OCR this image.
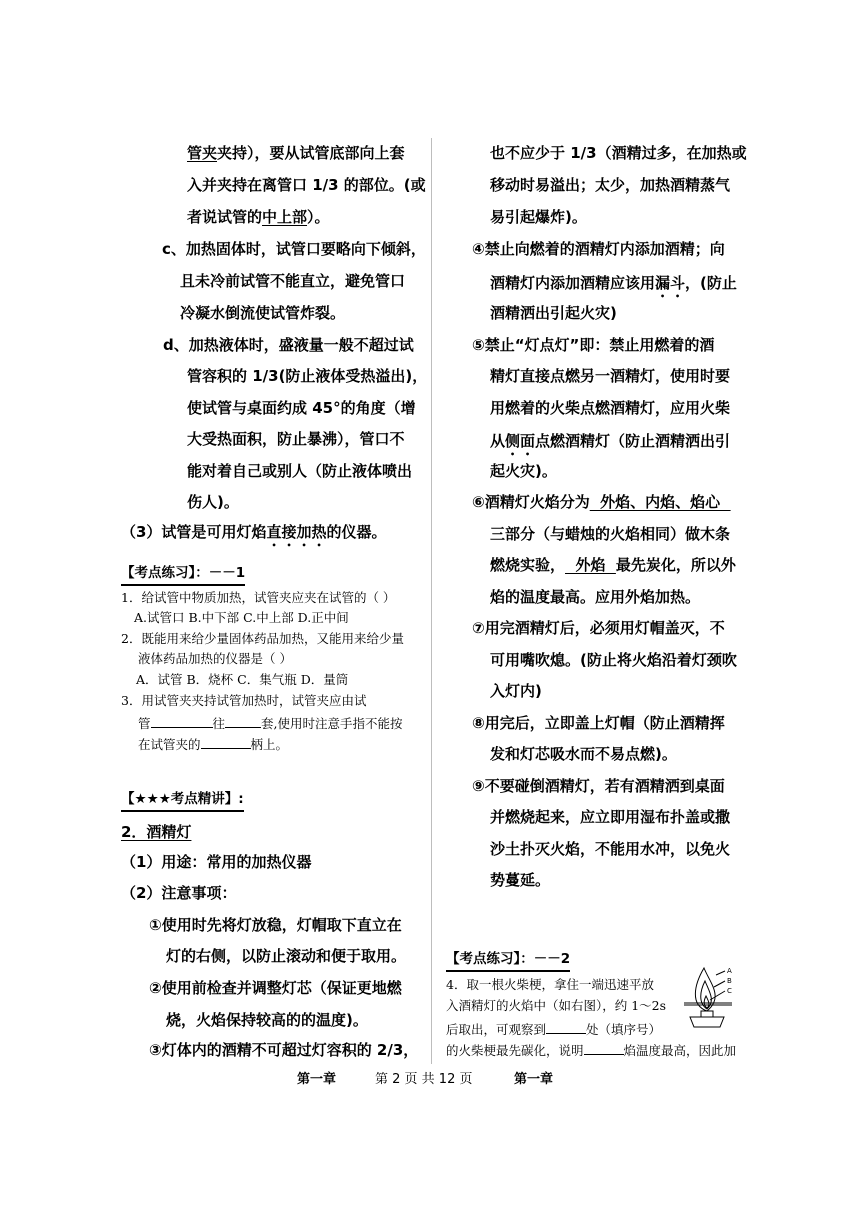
管夹夹持），要从试管底部向上套
入并夹持在离管口 1/3 的部位。(或
者说试管的中上部）。
c、加热固体时，试管口要略向下倾斜，
且未冷前试管不能直立，避免管口
冷凝水倒流使试管炸裂。
d、加热液体时，盛液量一般不超过试
管容积的 1/3(防止液体受热溢出)，
使试管与桌面约成 45°的角度（增
大受热面积，防止暴沸），管口不
能对着自己或别人（防止液体喷出
伤人)。
（3）试管是可用灯焰直接加热的仪器。
【考点练习】：－－1
1．给试管中物质加热，试管夹应夹在试管的（ ）
A.试管口 B.中下部 C.中上部 D.正中间
2．既能用来给少量固体药品加热，又能用来给少量
液体药品加热的仪器是（ ）
A．试管 B．烧杯 C．集气瓶 D．量筒
3．用试管夹夹持试管加热时，试管夹应由试
管	往	套,使用时注意手指不能按
在试管夹的	柄上。
【★★★考点精讲】:
2．酒精灯
（1）用途：常用的加热仪器
（2）注意事项：
①使用时先将灯放稳，灯帽取下直立在
灯的右侧，以防止滚动和便于取用。
②使用前检查并调整灯芯（保证更地燃
烧，火焰保持较高的的温度)。
③灯体内的酒精不可超过灯容积的 2/3，
也不应少于 1/3（酒精过多，在加热或
移动时易溢出；太少，加热酒精蒸气
易引起爆炸)。
④禁止向燃着的酒精灯内添加酒精；向
酒精灯内添加酒精应该用漏斗，(防止
酒精洒出引起火灾)
⑤禁止“灯点灯”即：禁止用燃着的酒
精灯直接点燃另一酒精灯，使用时要
用燃着的火柴点燃酒精灯，应用火柴
从侧面点燃酒精灯（防止酒精洒出引
起火灾)。
⑥酒精灯火焰分为  外焰、内焰、焰心
三部分（与蜡烛的火焰相同）做木条
燃烧实验，  外焰  最先炭化，所以外
焰的温度最高。应用外焰加热。
⑦用完酒精灯后，必须用灯帽盖灭，不
可用嘴吹熄。(防止将火焰沿着灯颈吹
入灯内)
⑧用完后，立即盖上灯帽（防止酒精挥
发和灯芯吸水而不易点燃)。
⑨不要碰倒酒精灯，若有酒精洒到桌面
并燃烧起来，应立即用湿布扑盖或撒
沙土扑灭火焰，不能用水冲，以免火
势蔓延。
【考点练习】：－－2
4．取一根火柴梗，拿住一端迅速平放
入酒精灯的火焰中（如右图），约 1～2s
后取出，可观察到	处（填序号）
的火柴梗最先碳化，说明	焰温度最高，因此加
A
B
C
第一章	第 2 页 共 12 页	第一章
